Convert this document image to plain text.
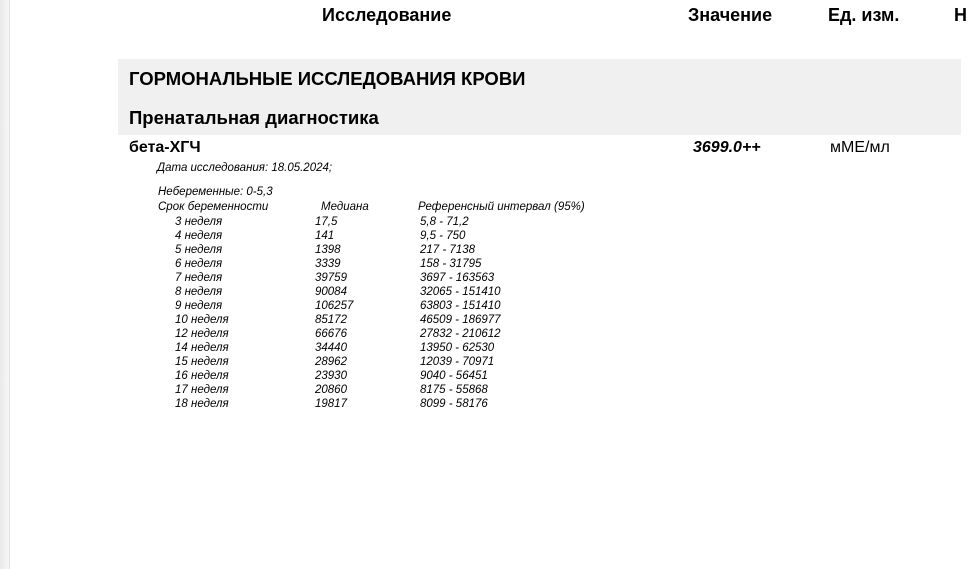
Исследование	Значение	Ед. изм.	Н
ГОРМОНАЛЬНЫЕ ИССЛЕДОВАНИЯ КРОВИ
Пренатальная диагностика
бета-ХГЧ	3699.0++	мМЕ/мл
Дата исследования: 18.05.2024;
Небеременные: 0-5,3
Срок беременности	Медиана	Референсный интервал (95%)
3 неделя	17,5	5,8 - 71,2
4 неделя	141	9,5 - 750
5 неделя	1398	217 - 7138
6 неделя	3339	158 - 31795
7 неделя	39759	3697 - 163563
8 неделя	90084	32065 - 151410
9 неделя	106257	63803 - 151410
10 неделя	85172	46509 - 186977
12 неделя	66676	27832 - 210612
14 неделя	34440	13950 - 62530
15 неделя	28962	12039 - 70971
16 неделя	23930	9040 - 56451
17 неделя	20860	8175 - 55868
18 неделя	19817	8099 - 58176
